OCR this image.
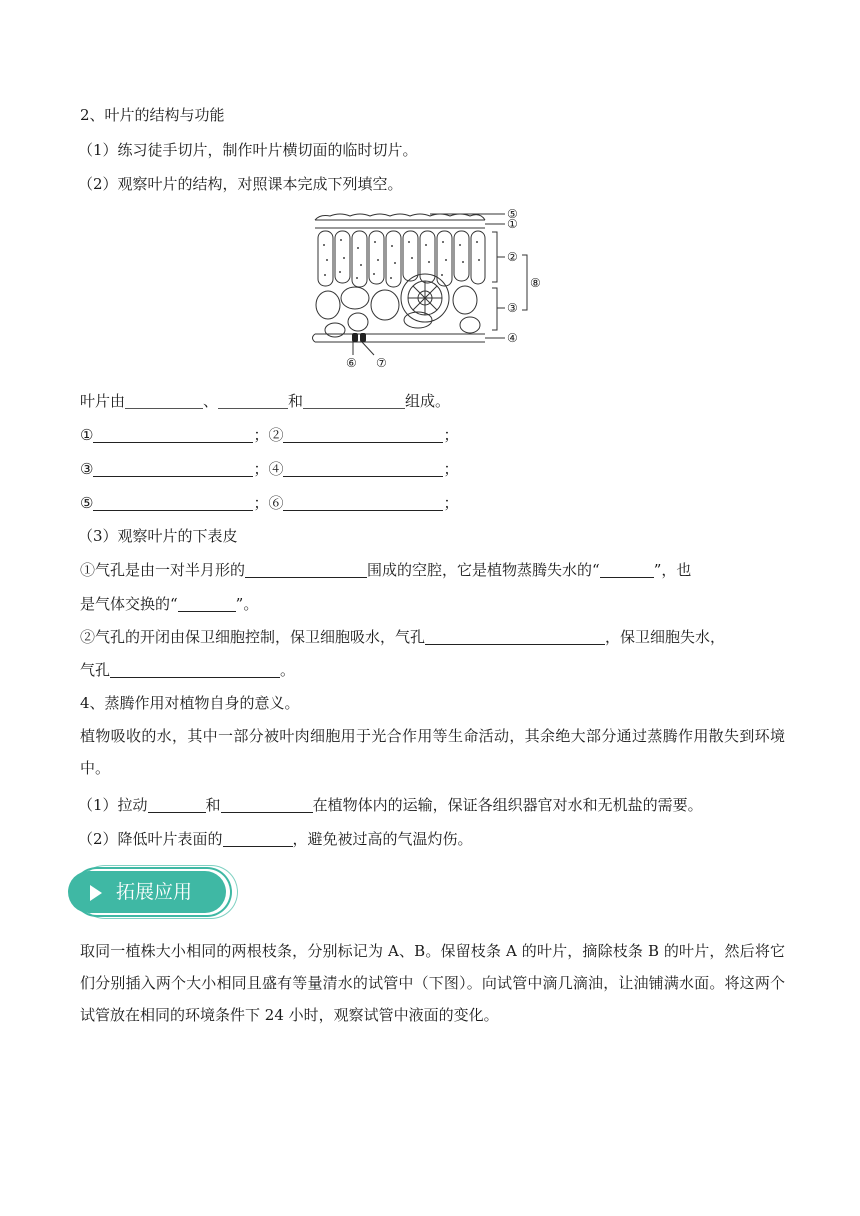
2、叶片的结构与功能
（1）练习徒手切片，制作叶片横切面的临时切片。
（2）观察叶片的结构，对照课本完成下列填空。
⑤
①
②
⑧
③
④
⑥ ⑦
叶片由	、	和	组成。
①	；②	；
③	；④	；
⑤	；⑥	；
（3）观察叶片的下表皮
①气孔是由一对半月形的	围成的空腔，它是植物蒸腾失水的“	”，也
是气体交换的“	”。
②气孔的开闭由保卫细胞控制，保卫细胞吸水，气孔	，保卫细胞失水，
气孔	。
4、蒸腾作用对植物自身的意义。
植物吸收的水，其中一部分被叶肉细胞用于光合作用等生命活动，其余绝大部分通过蒸腾作用散失到环境中。
（1）拉动	和	在植物体内的运输，保证各组织器官对水和无机盐的需要。
（2）降低叶片表面的	，避免被过高的气温灼伤。
拓展应用
取同一植株大小相同的两根枝条，分别标记为 A、B。保留枝条 A 的叶片，摘除枝条 B 的叶片，然后将它们分别插入两个大小相同且盛有等量清水的试管中（下图）。向试管中滴几滴油，让油铺满水面。将这两个试管放在相同的环境条件下 24 小时，观察试管中液面的变化。
